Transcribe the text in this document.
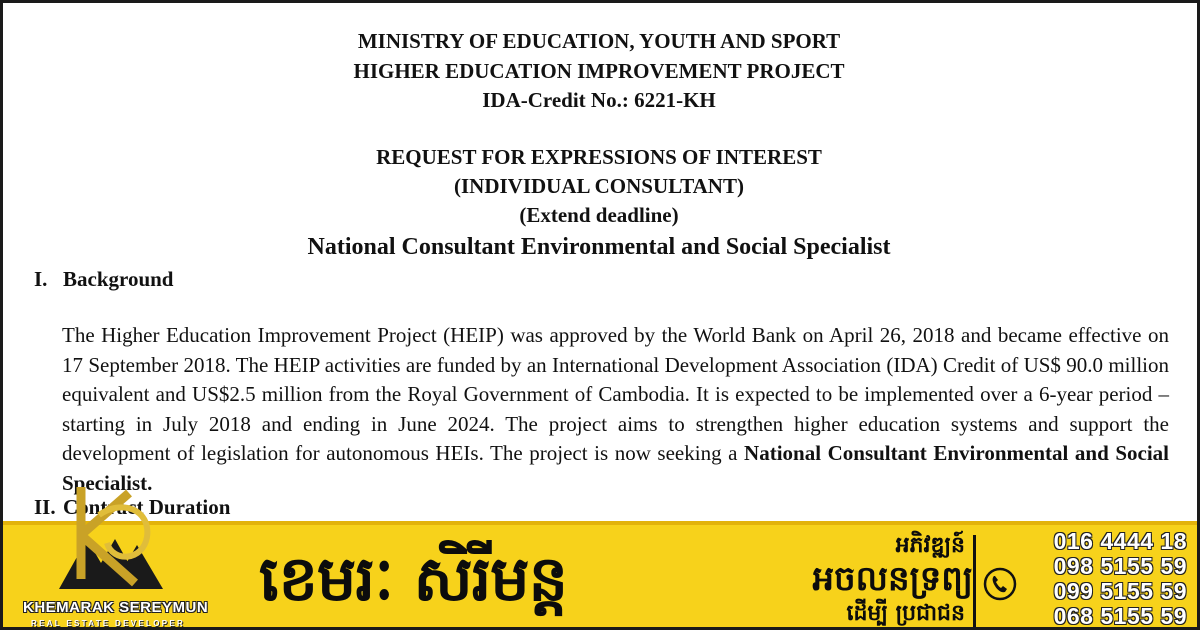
MINISTRY OF EDUCATION, YOUTH AND SPORT
HIGHER EDUCATION IMPROVEMENT PROJECT
IDA-Credit No.: 6221-KH
REQUEST FOR EXPRESSIONS OF INTEREST
(INDIVIDUAL CONSULTANT)
(Extend deadline)
National Consultant Environmental and Social Specialist
I. Background

The Higher Education Improvement Project (HEIP) was approved by the World Bank on April 26, 2018 and became effective on 17 September 2018. The HEIP activities are funded by an International Development Association (IDA) Credit of US$ 90.0 million equivalent and US$2.5 million from the Royal Government of Cambodia. It is expected to be implemented over a 6-year period – starting in July 2018 and ending in June 2024. The project aims to strengthen higher education systems and support the development of legislation for autonomous HEIs. The project is now seeking a National Consultant Environmental and Social Specialist.

II. Contract Duration
KHEMARAK SEREYMUN
REAL ESTATE DEVELOPER
ខេមរៈ សិរីមន្ត	អភិវឌ្ឍន៍
អចលនទ្រព្យ
ដើម្បី ប្រជាជន
016 4444 18
098 5155 59
099 5155 59
068 5155 59
